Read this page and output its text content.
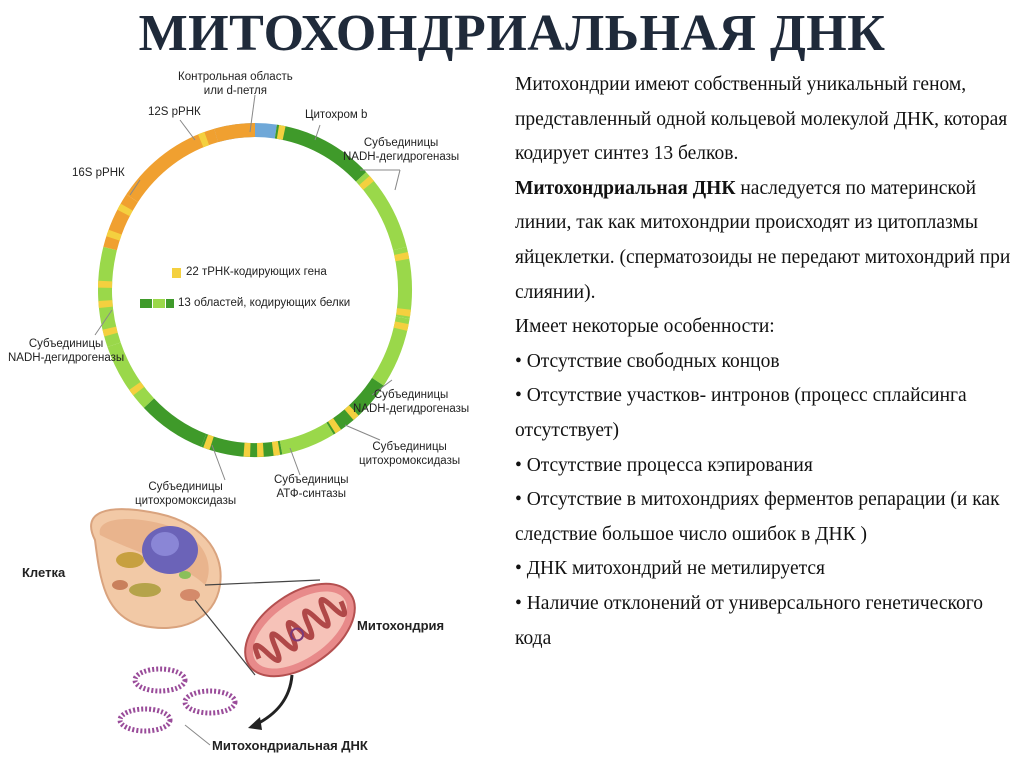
МИТОХОНДРИАЛЬНАЯ ДНК
Контрольная область
или d-петля
12S рРНК
16S рРНК
Цитохром b
Субъединицы
NADH-дегидрогеназы
Субъединицы
NADH-дегидрогеназы
Субъединицы
NADH-дегидрогеназы
Субъединицы
цитохромоксидазы
Субъединицы
цитохромоксидазы
Субъединицы
АТФ-синтазы
22 тРНК-кодирующих гена
13 областей, кодирующих белки
Клетка
Митохондрия
Митохондриальная ДНК

Митохондрии имеют собственный уникальный геном, представленный одной кольцевой молекулой ДНК, которая кодирует синтез 13 белков.

Митохондриальная ДНК наследуется по материнской линии, так как митохондрии происходят из цитоплазмы яйцеклетки. (сперматозоиды не передают митохондрий при слиянии).

Имеет некоторые особенности:

• Отсутствие свободных концов

• Отсутствие участков- интронов (процесс сплайсинга отсутствует)

• Отсутствие процесса кэпирования

• Отсутствие в митохондриях ферментов репарации (и как следствие большое число ошибок в ДНК )

• ДНК митохондрий не метилируется

• Наличие отклонений от универсального генетического кода
